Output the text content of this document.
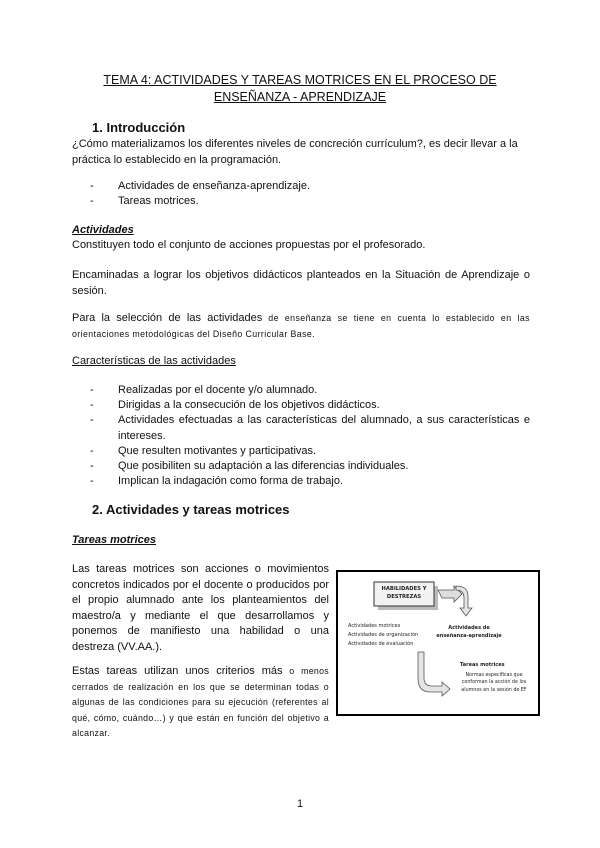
TEMA 4: ACTIVIDADES Y TAREAS MOTRICES EN EL PROCESO DE
ENSEÑANZA - APRENDIZAJE
1. Introducción
¿Cómo materializamos los diferentes niveles de concreción currículum?, es decir llevar a la práctica lo establecido en la programación.
- Actividades de enseñanza-aprendizaje.
- Tareas motrices.
Actividades
Constituyen todo el conjunto de acciones propuestas por el profesorado.
Encaminadas a lograr los objetivos didácticos planteados en la Situación de Aprendizaje o sesión.
Para la selección de las actividades de enseñanza se tiene en cuenta lo establecido en las orientaciones metodológicas del Diseño Curricular Base.
Características de las actividades
- Realizadas por el docente y/o alumnado.
- Dirigidas a la consecución de los objetivos didácticos.
- Actividades efectuadas a las características del alumnado, a sus características e intereses.
- Que resulten motivantes y participativas.
- Que posibiliten su adaptación a las diferencias individuales.
- Implican la indagación como forma de trabajo.
2. Actividades y tareas motrices
Tareas motrices
Las tareas motrices son acciones o movimientos concretos indicados por el docente o producidos por el propio alumnado ante los planteamientos del maestro/a y mediante el que desarrollamos y ponemos de manifiesto una habilidad o una destreza (VV.AA.).
Estas tareas utilizan unos criterios más o menos cerrados de realización en los que se determinan todas o algunas de las condiciones para su ejecución (referentes al qué, cómo, cuándo…) y que están en función del objetivo a alcanzar.
HABILIDADES Y
DESTREZAS
Actividades motrices
Actividades de organización
Actividades de evaluación
Actividades de
enseñanza-aprendizaje
Tareas motrices
Normas específicas que
conforman la acción de los
alumnos en la sesión de EF
1
